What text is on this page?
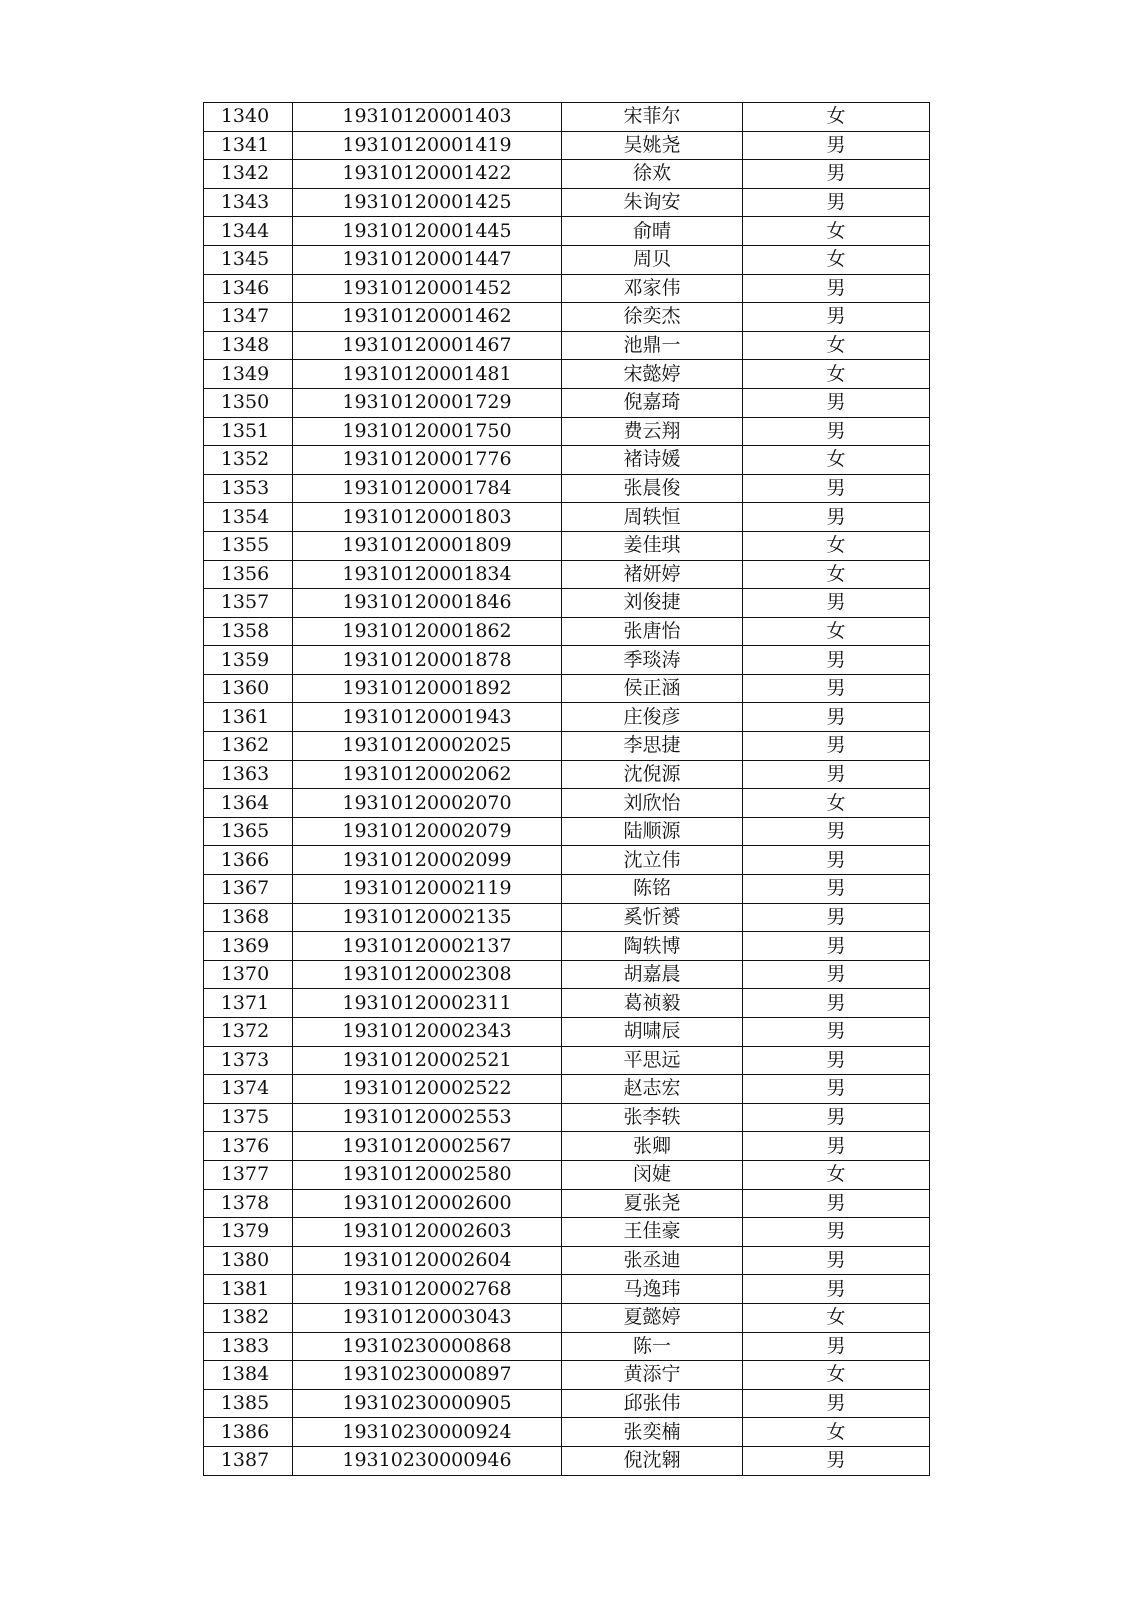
1340	19310120001403	宋菲尔	女
1341	19310120001419	吴姚尧	男
1342	19310120001422	徐欢	男
1343	19310120001425	朱询安	男
1344	19310120001445	俞晴	女
1345	19310120001447	周贝	女
1346	19310120001452	邓家伟	男
1347	19310120001462	徐奕杰	男
1348	19310120001467	池鼎一	女
1349	19310120001481	宋懿婷	女
1350	19310120001729	倪嘉琦	男
1351	19310120001750	费云翔	男
1352	19310120001776	褚诗媛	女
1353	19310120001784	张晨俊	男
1354	19310120001803	周轶恒	男
1355	19310120001809	姜佳琪	女
1356	19310120001834	褚妍婷	女
1357	19310120001846	刘俊捷	男
1358	19310120001862	张唐怡	女
1359	19310120001878	季琰涛	男
1360	19310120001892	侯正涵	男
1361	19310120001943	庄俊彦	男
1362	19310120002025	李思捷	男
1363	19310120002062	沈倪源	男
1364	19310120002070	刘欣怡	女
1365	19310120002079	陆顺源	男
1366	19310120002099	沈立伟	男
1367	19310120002119	陈铭	男
1368	19310120002135	奚忻赟	男
1369	19310120002137	陶轶博	男
1370	19310120002308	胡嘉晨	男
1371	19310120002311	葛祯毅	男
1372	19310120002343	胡啸辰	男
1373	19310120002521	平思远	男
1374	19310120002522	赵志宏	男
1375	19310120002553	张李轶	男
1376	19310120002567	张卿	男
1377	19310120002580	闵婕	女
1378	19310120002600	夏张尧	男
1379	19310120002603	王佳豪	男
1380	19310120002604	张丞迪	男
1381	19310120002768	马逸玮	男
1382	19310120003043	夏懿婷	女
1383	19310230000868	陈一	男
1384	19310230000897	黄添宁	女
1385	19310230000905	邱张伟	男
1386	19310230000924	张奕楠	女
1387	19310230000946	倪沈翱	男
